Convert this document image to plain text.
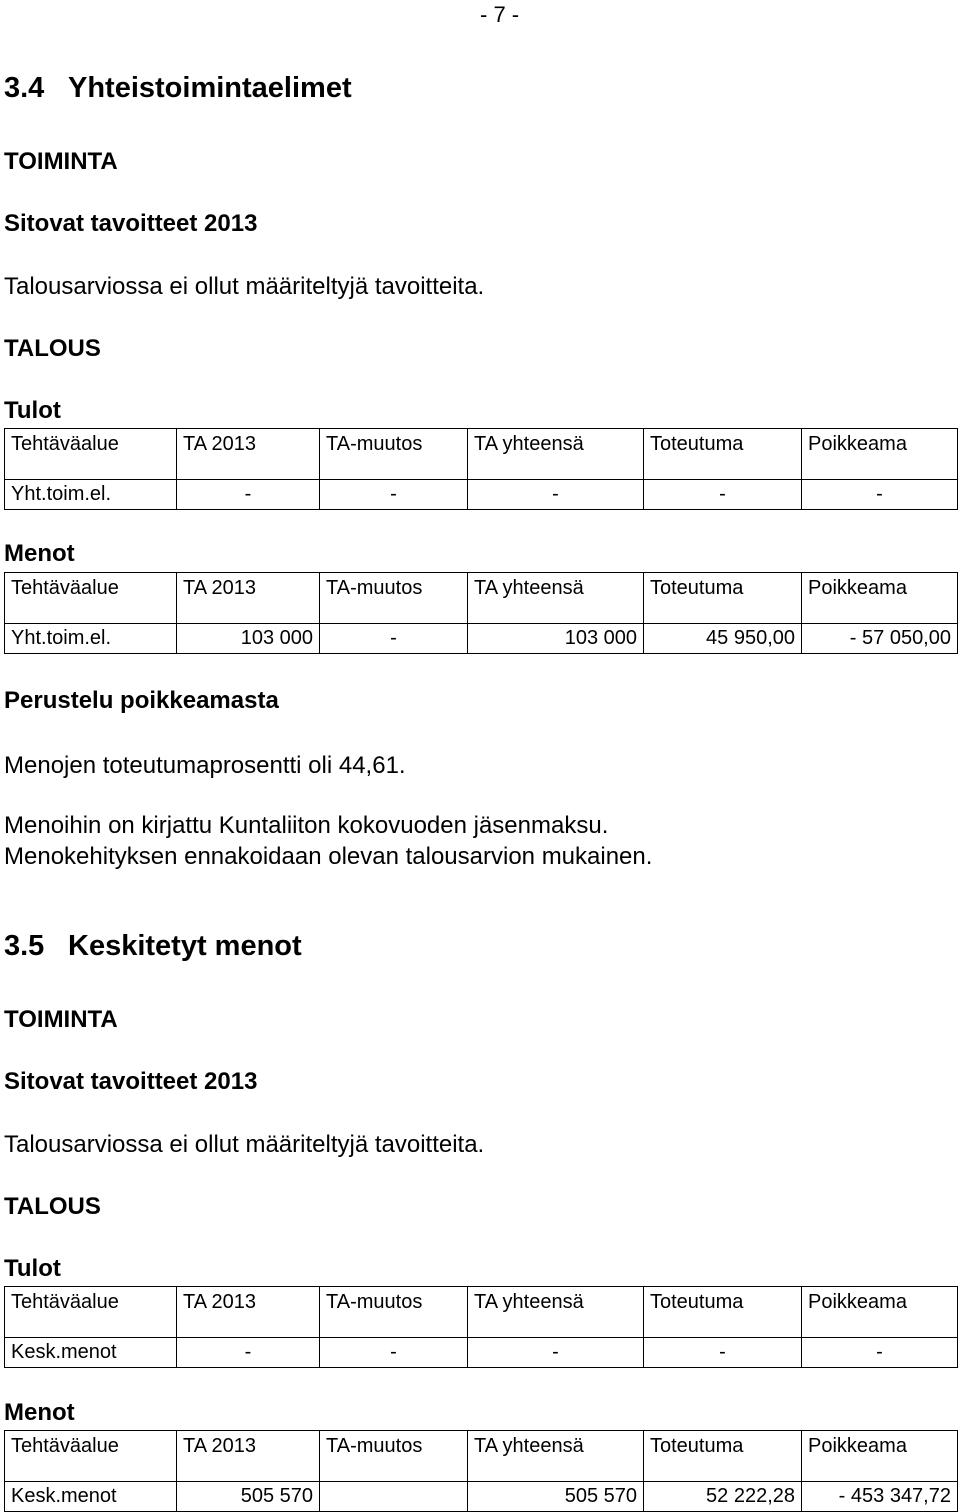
- 7 -
3.4 Yhteistoimintaelimet
TOIMINTA
Sitovat tavoitteet 2013
Talousarviossa ei ollut määriteltyjä tavoitteita.
TALOUS
Tulot
Tehtäväalue	TA 2013	TA-muutos	TA yhteensä	Toteutuma	Poikkeama

Yht.toim.el.	-	-	-	-	-
Menot
Tehtäväalue	TA 2013	TA-muutos	TA yhteensä	Toteutuma	Poikkeama

Yht.toim.el.	103 000	-	103 000	45 950,00	- 57 050,00
Perustelu poikkeamasta
Menojen toteutumaprosentti oli 44,61.
Menoihin on kirjattu Kuntaliiton kokovuoden jäsenmaksu.
Menokehityksen ennakoidaan olevan talousarvion mukainen.
3.5 Keskitetyt menot
TOIMINTA
Sitovat tavoitteet 2013
Talousarviossa ei ollut määriteltyjä tavoitteita.
TALOUS
Tulot
Tehtäväalue	TA 2013	TA-muutos	TA yhteensä	Toteutuma	Poikkeama

Kesk.menot	-	-	-	-	-
Menot
Tehtäväalue	TA 2013	TA-muutos	TA yhteensä	Toteutuma	Poikkeama

Kesk.menot	505 570		505 570	52 222,28	- 453 347,72
